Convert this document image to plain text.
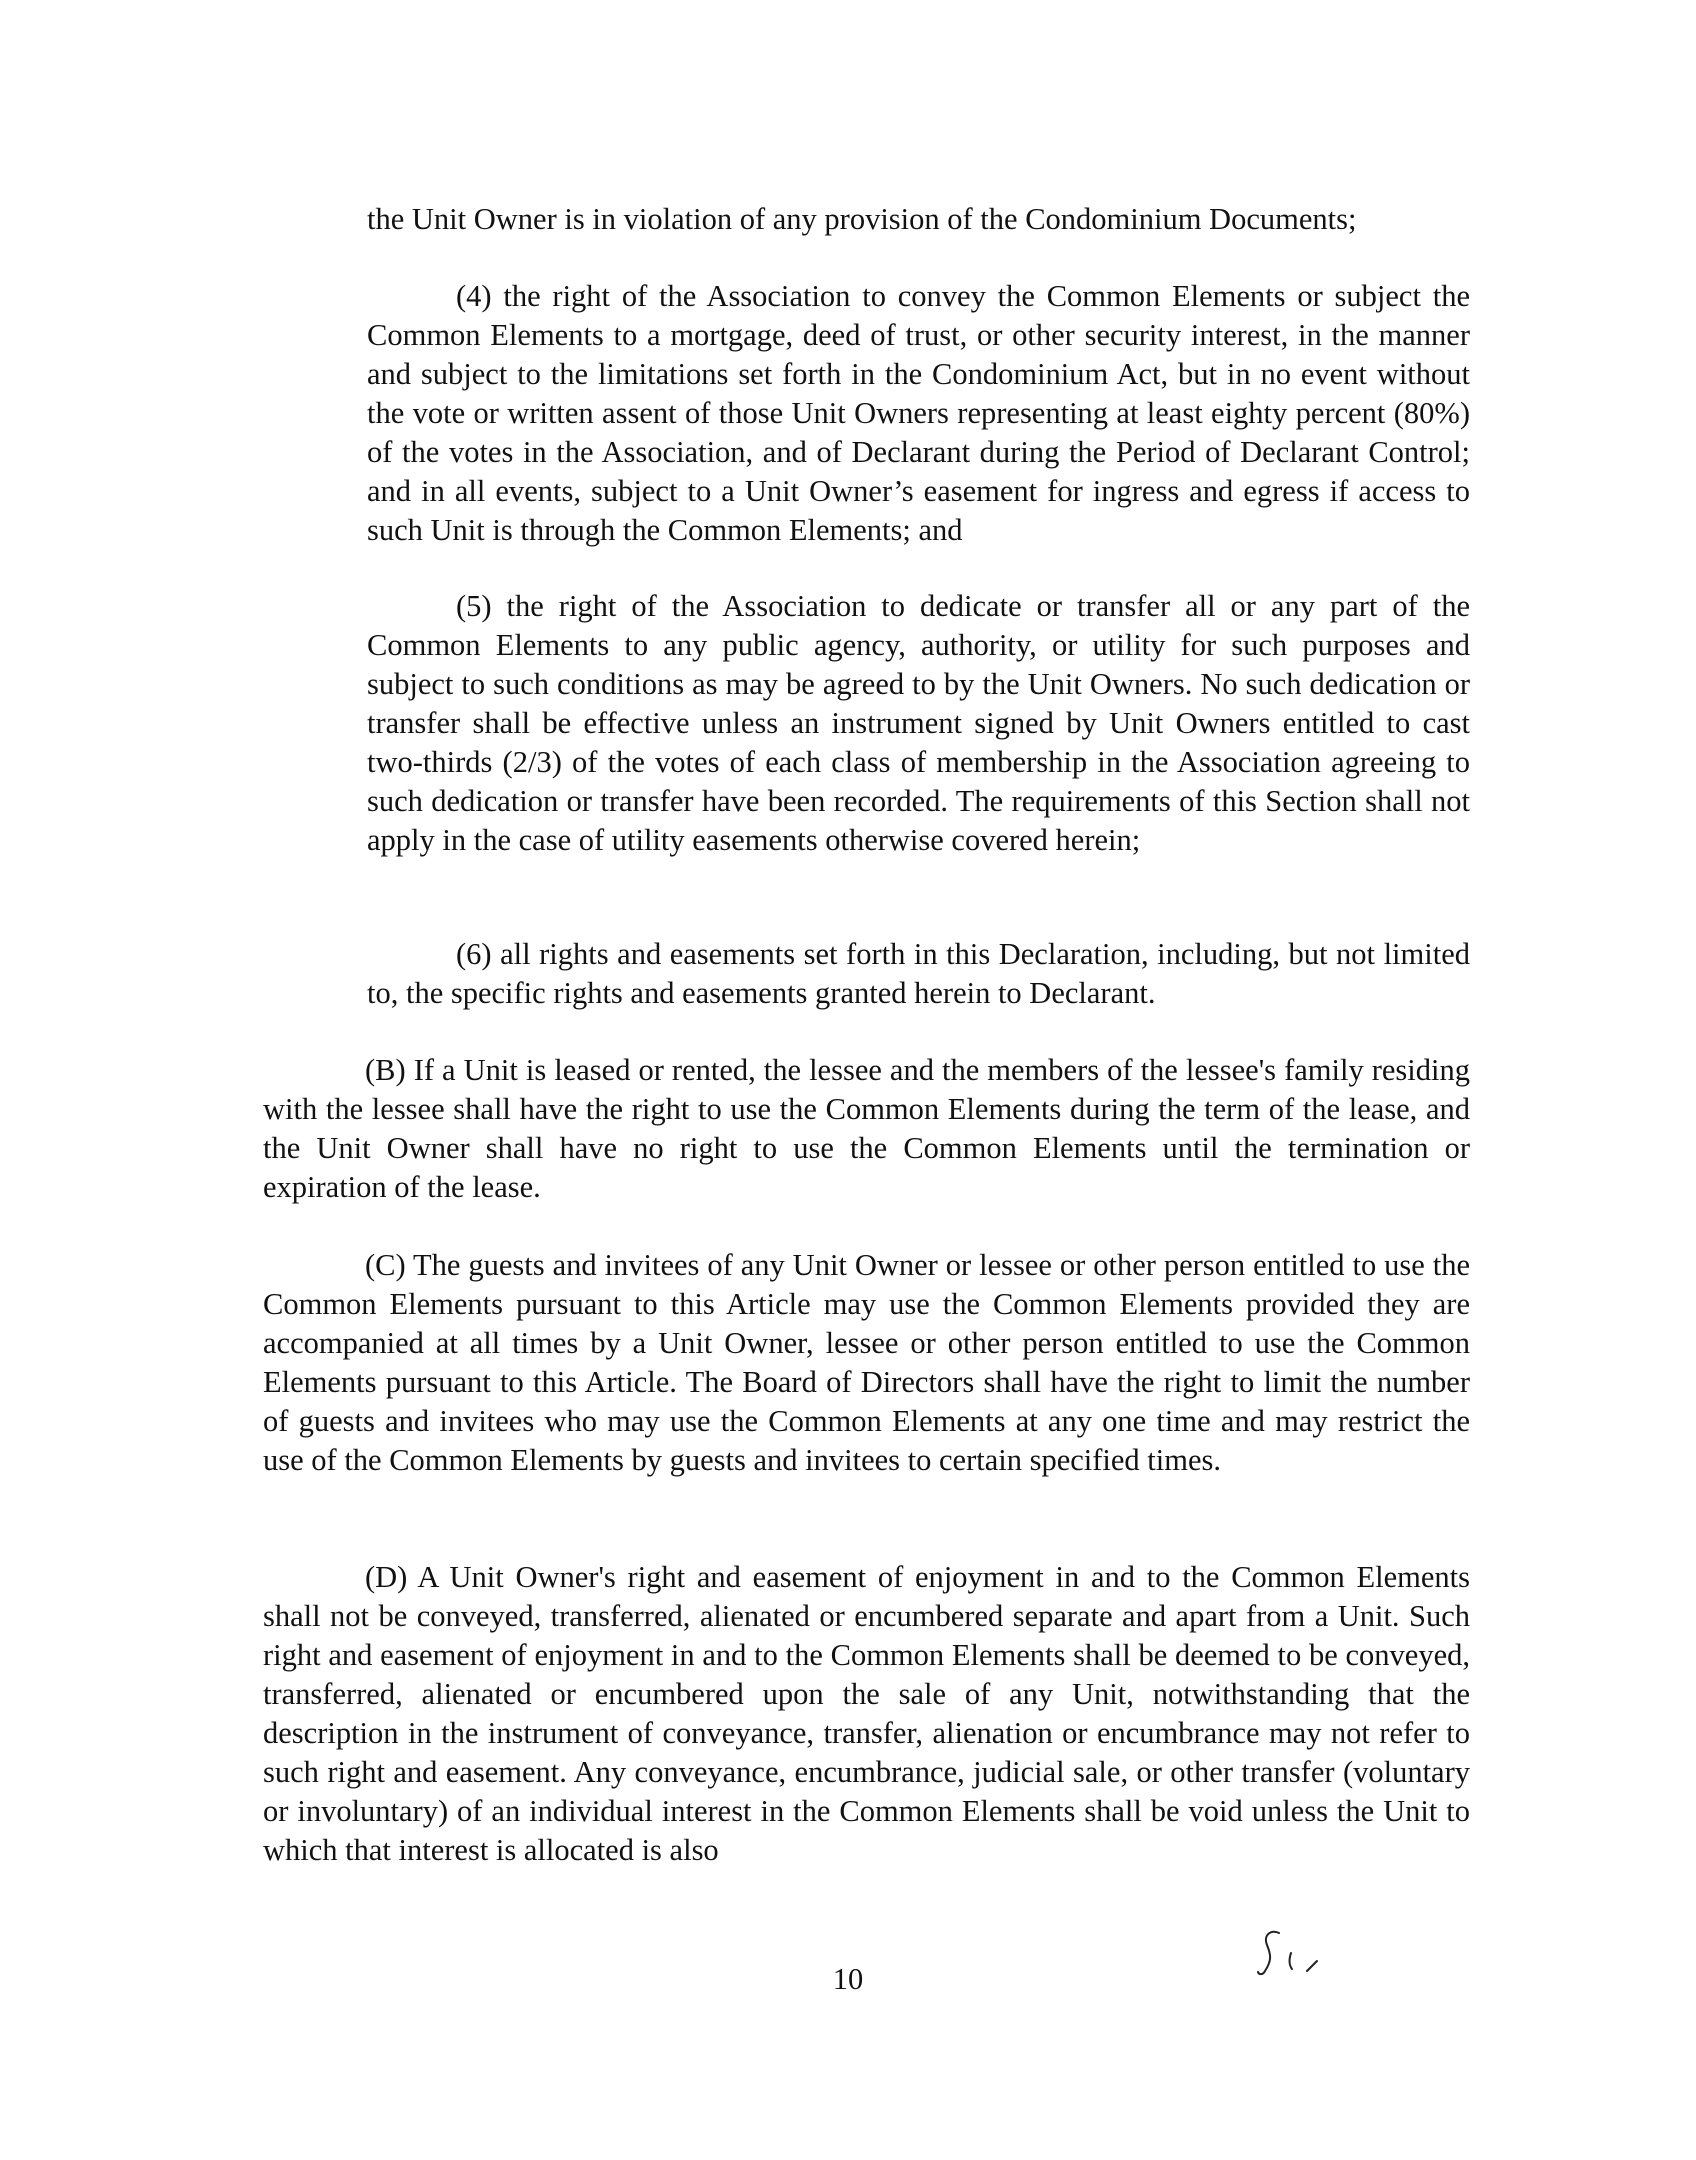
the Unit Owner is in violation of any provision of the Condominium Documents;

(4) the right of the Association to convey the Common Elements or subject the Common Elements to a mortgage, deed of trust, or other security interest, in the manner and subject to the limitations set forth in the Condominium Act, but in no event without the vote or written assent of those Unit Owners representing at least eighty percent (80%) of the votes in the Association, and of Declarant during the Period of Declarant Control; and in all events, subject to a Unit Owner’s easement for ingress and egress if access to such Unit is through the Common Elements; and

(5) the right of the Association to dedicate or transfer all or any part of the Common Elements to any public agency, authority, or utility for such purposes and subject to such conditions as may be agreed to by the Unit Owners. No such dedication or transfer shall be effective unless an instrument signed by Unit Owners entitled to cast two-thirds (2/3) of the votes of each class of membership in the Association agreeing to such dedication or transfer have been recorded. The requirements of this Section shall not apply in the case of utility easements otherwise covered herein;

(6) all rights and easements set forth in this Declaration, including, but not limited to, the specific rights and easements granted herein to Declarant.

(B) If a Unit is leased or rented, the lessee and the members of the lessee's family residing with the lessee shall have the right to use the Common Elements during the term of the lease, and the Unit Owner shall have no right to use the Common Elements until the termination or expiration of the lease.

(C) The guests and invitees of any Unit Owner or lessee or other person entitled to use the Common Elements pursuant to this Article may use the Common Elements provided they are accompanied at all times by a Unit Owner, lessee or other person entitled to use the Common Elements pursuant to this Article. The Board of Directors shall have the right to limit the number of guests and invitees who may use the Common Elements at any one time and may restrict the use of the Common Elements by guests and invitees to certain specified times.

(D) A Unit Owner's right and easement of enjoyment in and to the Common Elements shall not be conveyed, transferred, alienated or encumbered separate and apart from a Unit. Such right and easement of enjoyment in and to the Common Elements shall be deemed to be conveyed, transferred, alienated or encumbered upon the sale of any Unit, notwithstanding that the description in the instrument of conveyance, transfer, alienation or encumbrance may not refer to such right and easement. Any conveyance, encumbrance, judicial sale, or other transfer (voluntary or involuntary) of an individual interest in the Common Elements shall be void unless the Unit to which that interest is allocated is also

10
